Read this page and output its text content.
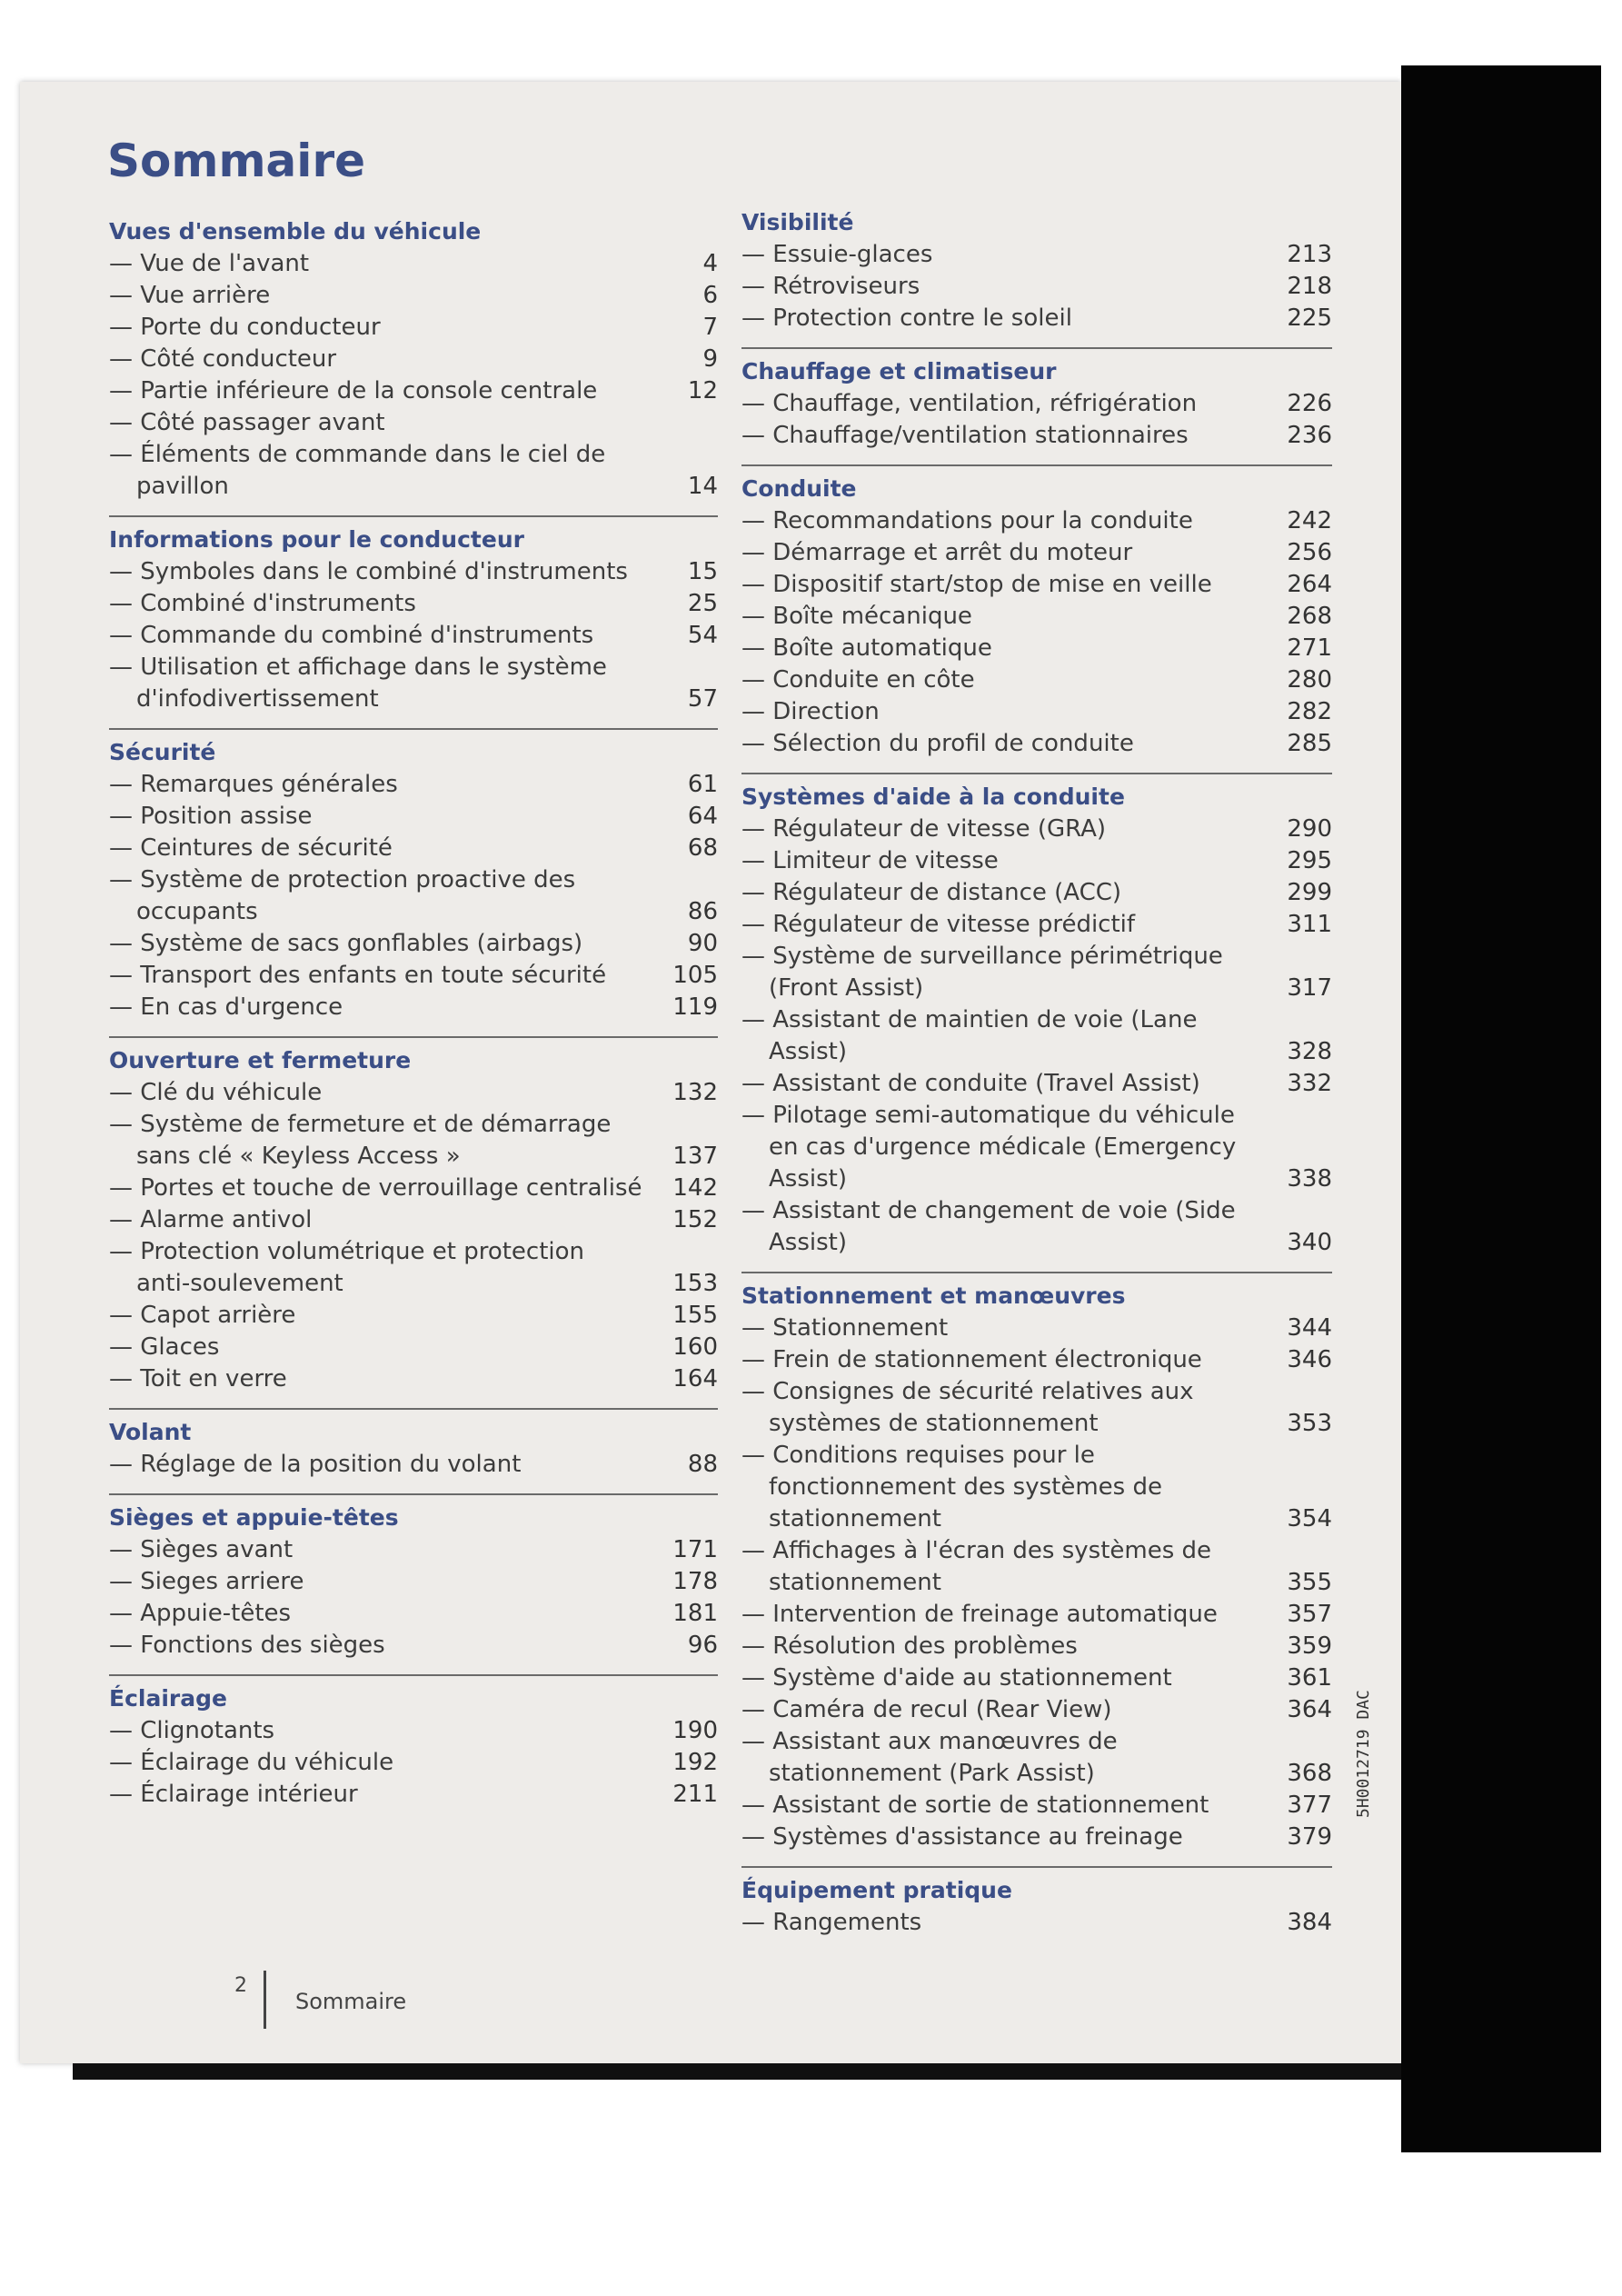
Sommaire
Vues d'ensemble du véhicule
— Vue de l'avant	4
— Vue arrière	6
— Porte du conducteur	7
— Côté conducteur	9
— Partie inférieure de la console centrale	12
— Côté passager avant
— Éléments de commande dans le ciel de pavillon	14
Informations pour le conducteur
— Symboles dans le combiné d'instruments	15
— Combiné d'instruments	25
— Commande du combiné d'instruments	54
— Utilisation et affichage dans le système d'infodivertissement	57
Sécurité
— Remarques générales	61
— Position assise	64
— Ceintures de sécurité	68
— Système de protection proactive des occupants	86
— Système de sacs gonflables (airbags)	90
— Transport des enfants en toute sécurité	105
— En cas d'urgence	119
Ouverture et fermeture
— Clé du véhicule	132
— Système de fermeture et de démarrage sans clé « Keyless Access »	137
— Portes et touche de verrouillage centralisé	142
— Alarme antivol	152
— Protection volumétrique et protection anti-soulevement	153
— Capot arrière	155
— Glaces	160
— Toit en verre	164
Volant
— Réglage de la position du volant	88
Sièges et appuie-têtes
— Sièges avant	171
— Sieges arriere	178
— Appuie-têtes	181
— Fonctions des sièges	96
Éclairage
— Clignotants	190
— Éclairage du véhicule	192
— Éclairage intérieur	211
Visibilité
— Essuie-glaces	213
— Rétroviseurs	218
— Protection contre le soleil	225
Chauffage et climatiseur
— Chauffage, ventilation, réfrigération	226
— Chauffage/ventilation stationnaires	236
Conduite
— Recommandations pour la conduite	242
— Démarrage et arrêt du moteur	256
— Dispositif start/stop de mise en veille	264
— Boîte mécanique	268
— Boîte automatique	271
— Conduite en côte	280
— Direction	282
— Sélection du profil de conduite	285
Systèmes d'aide à la conduite
— Régulateur de vitesse (GRA)	290
— Limiteur de vitesse	295
— Régulateur de distance (ACC)	299
— Régulateur de vitesse prédictif	311
— Système de surveillance périmétrique (Front Assist)	317
— Assistant de maintien de voie (Lane Assist)	328
— Assistant de conduite (Travel Assist)	332
— Pilotage semi-automatique du véhicule en cas d'urgence médicale (Emergency Assist)	338
— Assistant de changement de voie (Side Assist)	340
Stationnement et manœuvres
— Stationnement	344
— Frein de stationnement électronique	346
— Consignes de sécurité relatives aux systèmes de stationnement	353
— Conditions requises pour le fonctionnement des systèmes de stationnement	354
— Affichages à l'écran des systèmes de stationnement	355
— Intervention de freinage automatique	357
— Résolution des problèmes	359
— Système d'aide au stationnement	361
— Caméra de recul (Rear View)	364
— Assistant aux manœuvres de stationnement (Park Assist)	368
— Assistant de sortie de stationnement	377
— Systèmes d'assistance au freinage	379
Équipement pratique
— Rangements	384
2
Sommaire
5H0012719 DAC
